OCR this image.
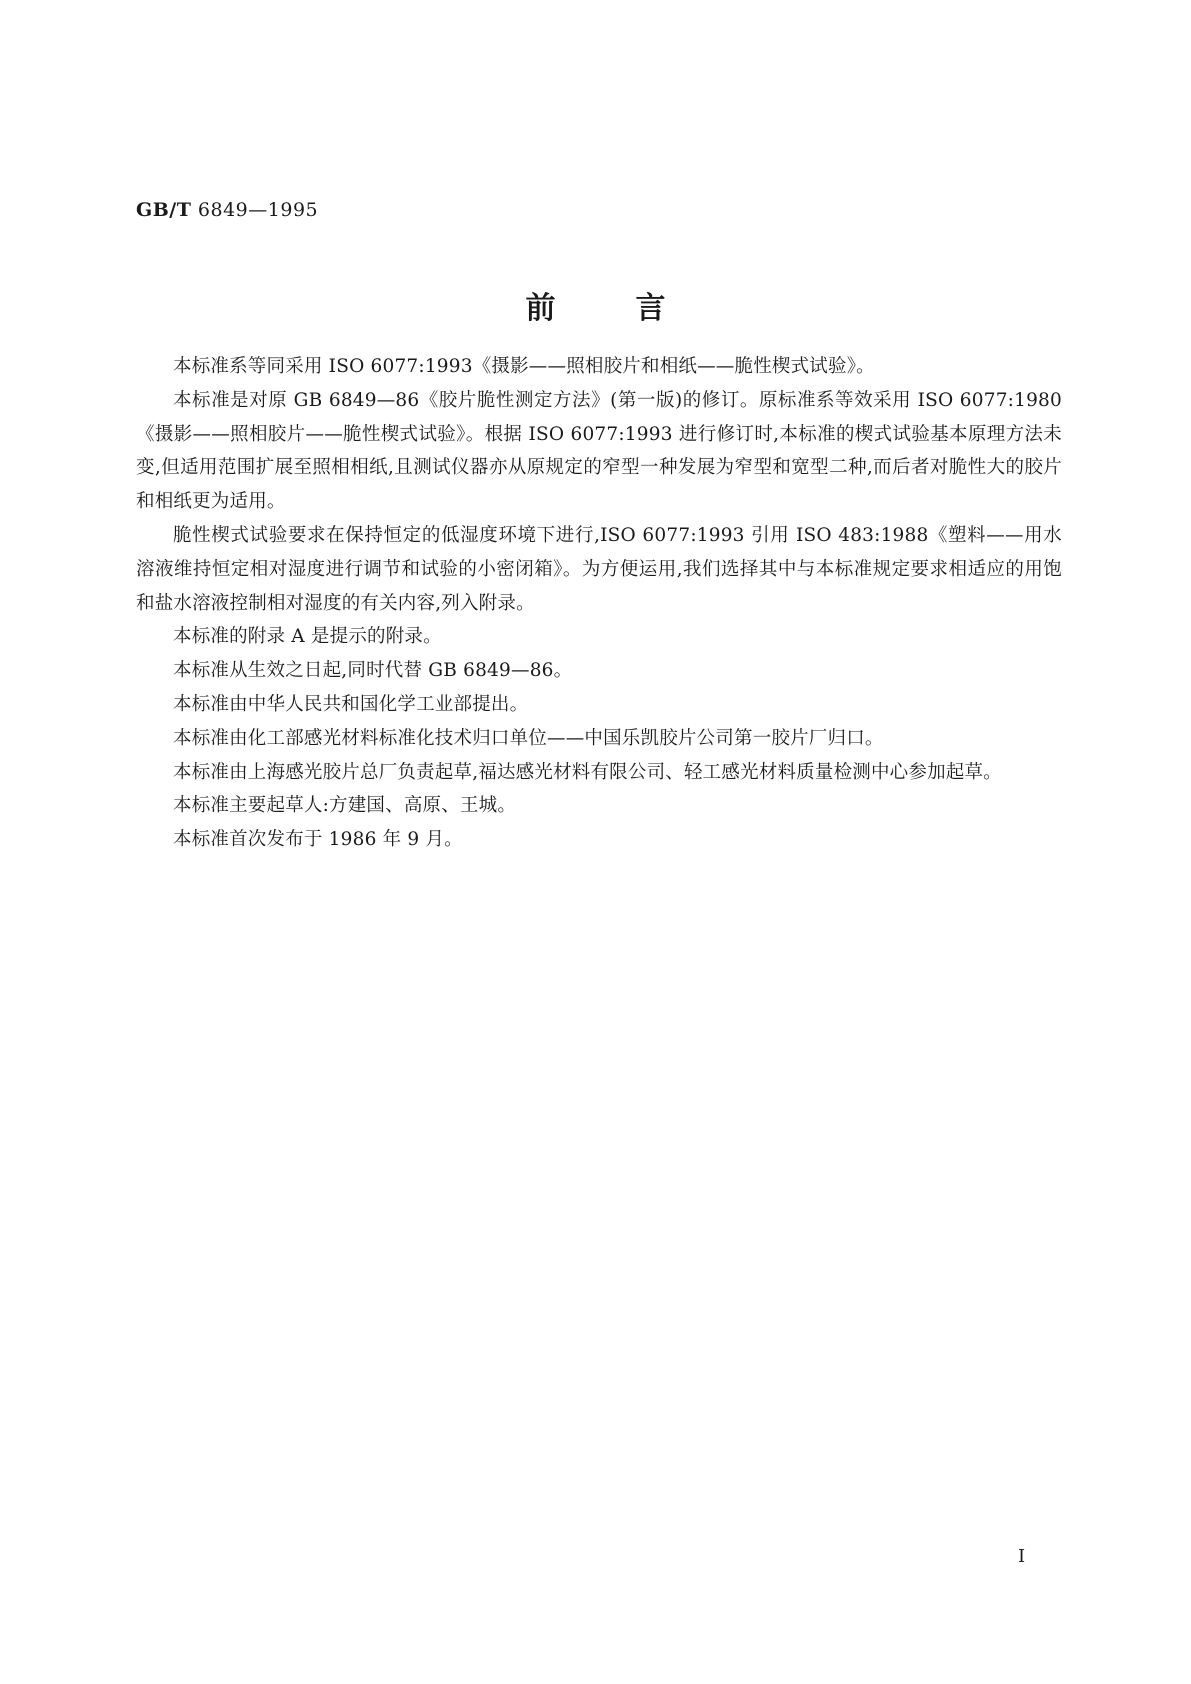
GB/T 6849—1995
前言

本标准系等同采用 ISO 6077:1993《摄影——照相胶片和相纸——脆性楔式试验》。

本标准是对原 GB 6849—86《胶片脆性测定方法》(第一版)的修订。原标准系等效采用 ISO 6077:1980《摄影——照相胶片——脆性楔式试验》。根据 ISO 6077:1993 进行修订时,本标准的楔式试验基本原理方法未变,但适用范围扩展至照相相纸,且测试仪器亦从原规定的窄型一种发展为窄型和宽型二种,而后者对脆性大的胶片和相纸更为适用。

脆性楔式试验要求在保持恒定的低湿度环境下进行,ISO 6077:1993 引用 ISO 483:1988《塑料——用水溶液维持恒定相对湿度进行调节和试验的小密闭箱》。为方便运用,我们选择其中与本标准规定要求相适应的用饱和盐水溶液控制相对湿度的有关内容,列入附录。

本标准的附录 A 是提示的附录。

本标准从生效之日起,同时代替 GB 6849—86。

本标准由中华人民共和国化学工业部提出。

本标准由化工部感光材料标准化技术归口单位——中国乐凯胶片公司第一胶片厂归口。

本标准由上海感光胶片总厂负责起草,福达感光材料有限公司、轻工感光材料质量检测中心参加起草。

本标准主要起草人:方建国、高原、王城。

本标准首次发布于 1986 年 9 月。

I
